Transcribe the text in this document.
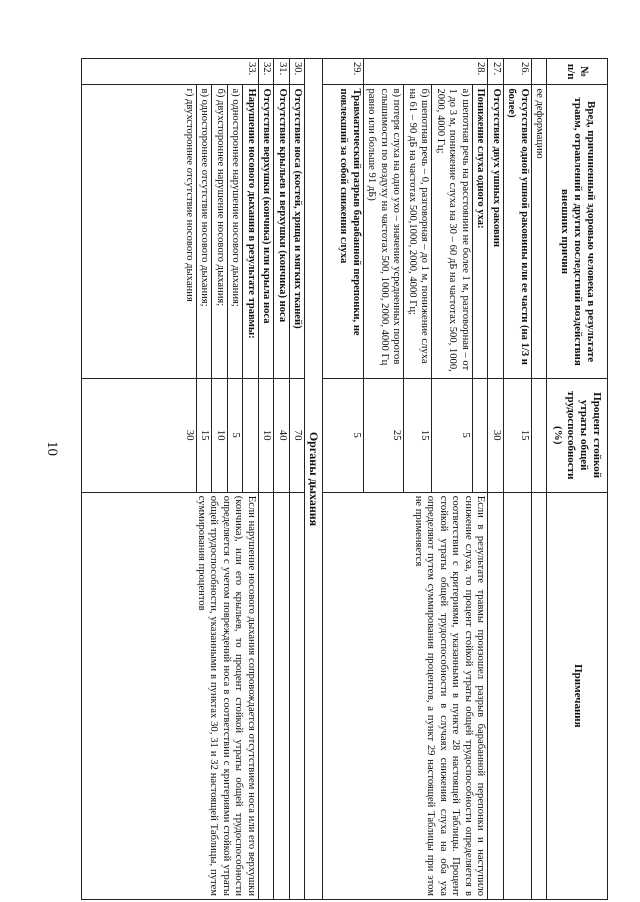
10
№ п/п	Вред, причиненный здоровью человека в результате травм, отравлений и других последствий воздействия внешних причин	Процент стойкой утраты общей трудоспособности (%)	Примечания
	ее деформацию		
26.	Отсутствие одной ушной раковины или ее части (на 1/3 и более)	15	
27.	Отсутствие двух ушных раковин	30	
28.	Понижение слуха одного уха:		Если в результате травмы произошел разрыв барабанной перепонки и наступило снижение слуха, то процент стойкой утраты общей трудоспособности определяется в соответствии с критериями, указанными в пункте 28 настоящей Таблицы. Процент стойкой утраты общей трудоспособности в случаях снижения слуха на оба уха определяют путем суммирования процентов, а пункт 29 настоящей Таблицы при этом не применяется
	а) шепотная речь на расстоянии не более 1 м, разговорная – от 1 до 3 м, понижение слуха на 30 – 60 дБ на частотах 500, 1000, 2000, 4000 Гц;	5	
	б) шепотная речь – 0, разговорная – до 1 м, понижение слуха на 61 – 90 дБ на частотах 500,1000, 2000, 4000 Гц;	15	
	в) потеря слуха на одно ухо – значение усредненных порогов слышимости по воздуху на частотах 500, 1000, 2000, 4000 Гц равно или больше 91 дБ)	25	
29.	Травматический разрыв барабанной перепонки, не повлекший за собой снижения слуха	5	
Органы дыхания			
30.	Отсутствие носа (костей, хряща и мягких тканей)	70	
31.	Отсутствие крыльев и верхушки (кончика) носа	40	
32.	Отсутствие верхушки (кончика) или крыла носа	10	
33.	Нарушение носового дыхания в результате травмы:		Если нарушение носового дыхания сопровождается отсутствием носа или его верхушки (кончика), или его крыльев, то процент стойкой утраты общей трудоспособности определяется с учетом повреждений носа в соответствии с критериями стойкой утраты общей трудоспособности, указанными в пунктах 30, 31 и 32 настоящей Таблицы, путем суммирования процентов
	а) одностороннее нарушение носового дыхания;	5	
	б) двухстороннее нарушение носового дыхания;	10	
	в) одностороннее отсутствие носового дыхания;	15	
	г) двухстороннее отсутствие носового дыхания	30	
